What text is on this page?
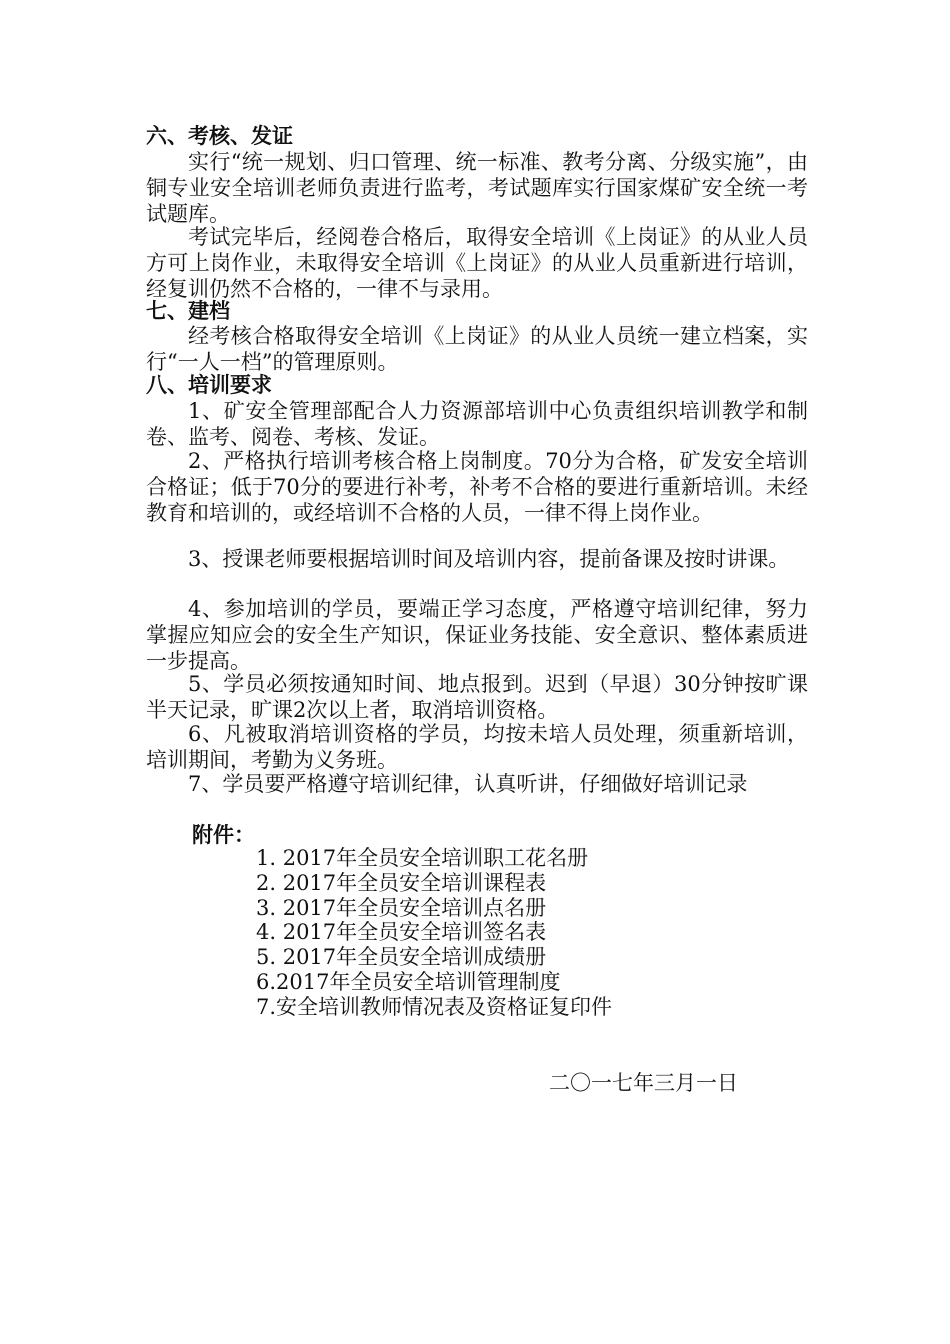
六、考核、发证
实行“统一规划、归口管理、统一标准、教考分离、分级实施”，由铜专业安全培训老师负责进行监考，考试题库实行国家煤矿安全统一考试题库。
考试完毕后，经阅卷合格后，取得安全培训《上岗证》的从业人员方可上岗作业，未取得安全培训《上岗证》的从业人员重新进行培训，经复训仍然不合格的，一律不与录用。
七、建档
经考核合格取得安全培训《上岗证》的从业人员统一建立档案，实行“一人一档”的管理原则。
八、培训要求
1、矿安全管理部配合人力资源部培训中心负责组织培训教学和制卷、监考、阅卷、考核、发证。
2、严格执行培训考核合格上岗制度。70分为合格，矿发安全培训合格证；低于70分的要进行补考，补考不合格的要进行重新培训。未经教育和培训的，或经培训不合格的人员，一律不得上岗作业。
3、授课老师要根据培训时间及培训内容，提前备课及按时讲课。
4、参加培训的学员，要端正学习态度，严格遵守培训纪律，努力掌握应知应会的安全生产知识，保证业务技能、安全意识、整体素质进一步提高。
5、学员必须按通知时间、地点报到。迟到（早退）30分钟按旷课半天记录，旷课2次以上者，取消培训资格。
6、凡被取消培训资格的学员，均按未培人员处理，须重新培训，培训期间，考勤为义务班。
7、学员要严格遵守培训纪律，认真听讲，仔细做好培训记录
附件：
1. 2017年全员安全培训职工花名册
2. 2017年全员安全培训课程表
3. 2017年全员安全培训点名册
4. 2017年全员安全培训签名表
5. 2017年全员安全培训成绩册
6.2017年全员安全培训管理制度
7.安全培训教师情况表及资格证复印件
二〇一七年三月一日
